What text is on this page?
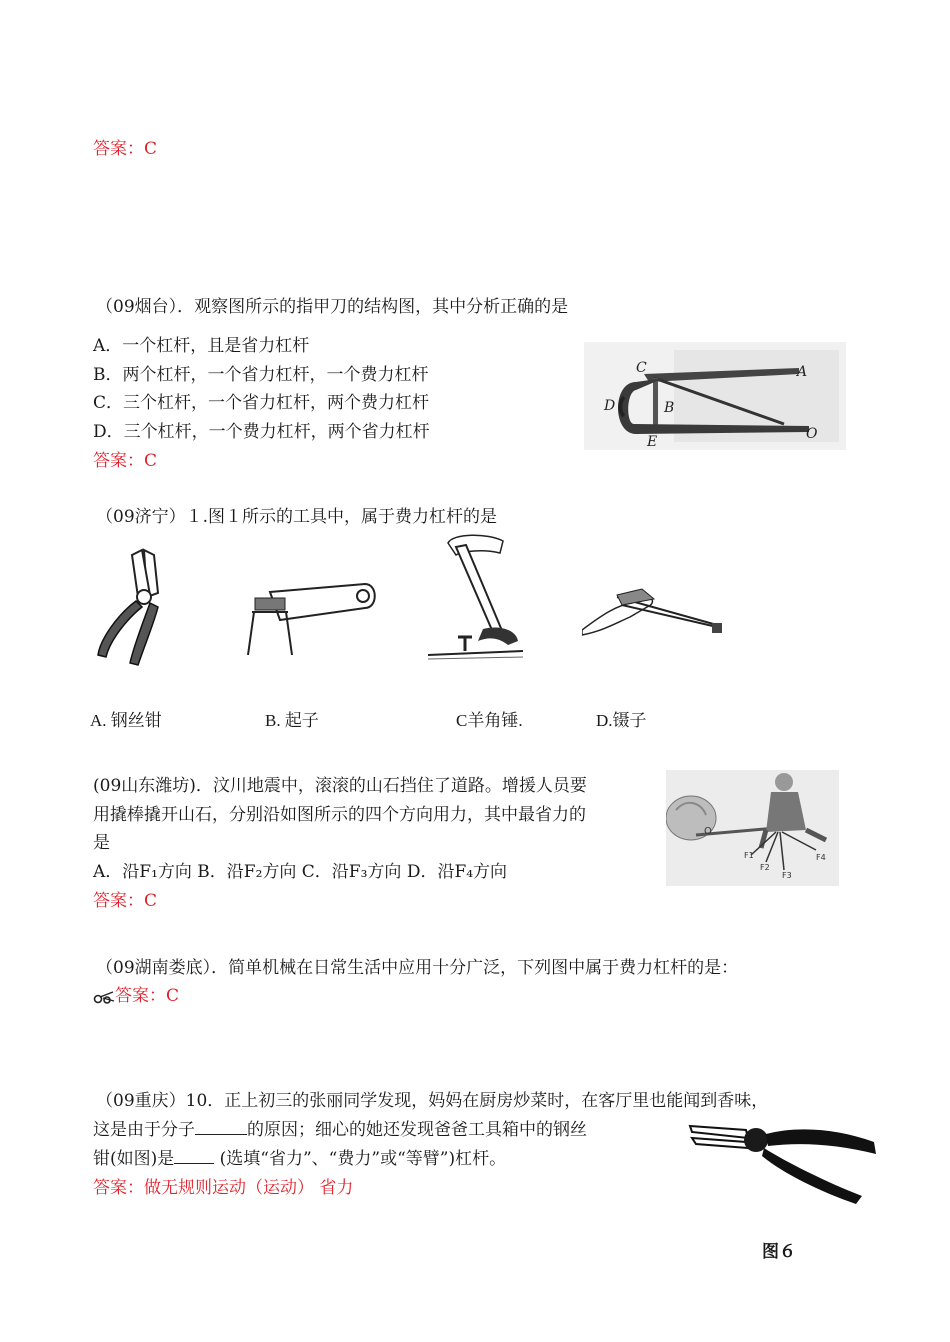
答案：C
（09烟台）．观察图所示的指甲刀的结构图，其中分析正确的是
A．一个杠杆，且是省力杠杆
B．两个杠杆，一个省力杠杆，一个费力杠杆
C．三个杠杆，一个省力杠杆，两个费力杠杆
D．三个杠杆，一个费力杠杆，两个省力杠杆
答案：C
C	A
D	B
E	O
（09济宁）１.图１所示的工具中，属于费力杠杆的是
A. 钢丝钳	B. 起子	C羊角锤.	D.镊子
(09山东潍坊)．汶川地震中，滚滚的山石挡住了道路。增援人员要
用撬棒撬开山石，分别沿如图所示的四个方向用力，其中最省力的
是
A．沿F₁方向 B．沿F₂方向 C．沿F₃方向 D．沿F₄方向
答案：C
O
F1
F2
F3
F4
（09湖南娄底）．简单机械在日常生活中应用十分广泛，下列图中属于费力杠杆的是：
答案：C
（09重庆）10．正上初三的张丽同学发现，妈妈在厨房炒菜时，在客厅里也能闻到香味，
这是由于分子	的原因；细心的她还发现爸爸工具箱中的钢丝
钳(如图)是 (选填“省力”、“费力”或“等臂”)杠杆。
答案：做无规则运动（运动） 省力
图６
